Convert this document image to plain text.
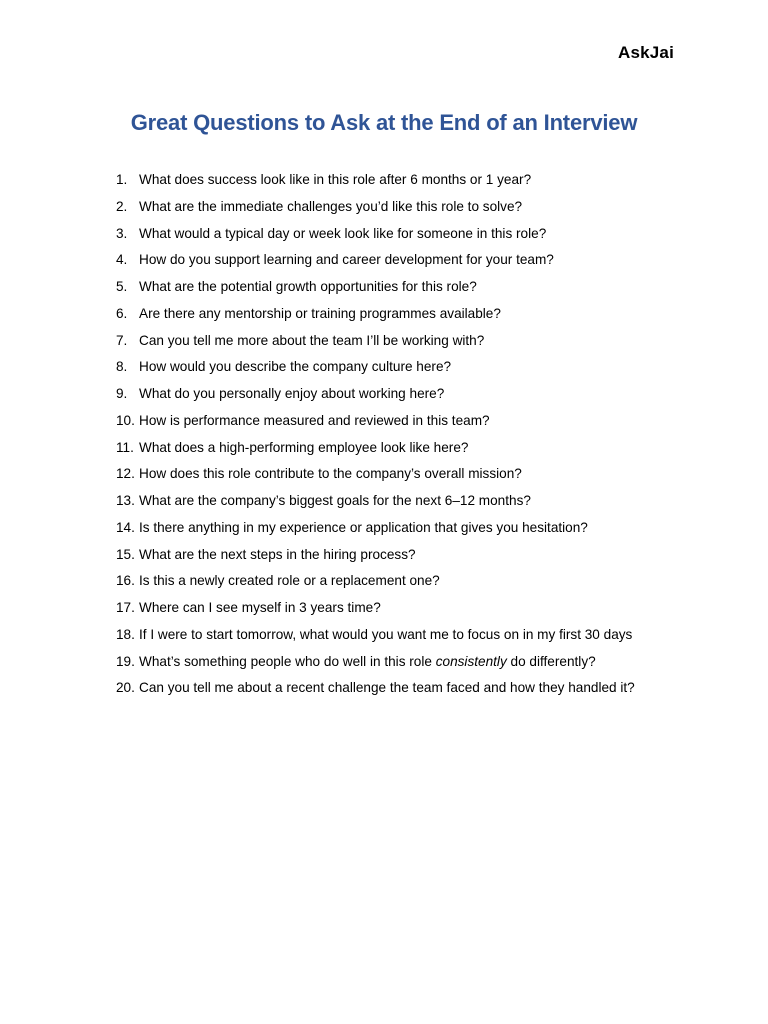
AskJai
Great Questions to Ask at the End of an Interview
1. What does success look like in this role after 6 months or 1 year?
2. What are the immediate challenges you’d like this role to solve?
3. What would a typical day or week look like for someone in this role?
4. How do you support learning and career development for your team?
5. What are the potential growth opportunities for this role?
6. Are there any mentorship or training programmes available?
7. Can you tell me more about the team I’ll be working with?
8. How would you describe the company culture here?
9. What do you personally enjoy about working here?
10. How is performance measured and reviewed in this team?
11. What does a high-performing employee look like here?
12. How does this role contribute to the company’s overall mission?
13. What are the company’s biggest goals for the next 6–12 months?
14. Is there anything in my experience or application that gives you hesitation?
15. What are the next steps in the hiring process?
16. Is this a newly created role or a replacement one?
17. Where can I see myself in 3 years time?
18. If I were to start tomorrow, what would you want me to focus on in my first 30 days
19. What’s something people who do well in this role consistently do differently?
20. Can you tell me about a recent challenge the team faced and how they handled it?
